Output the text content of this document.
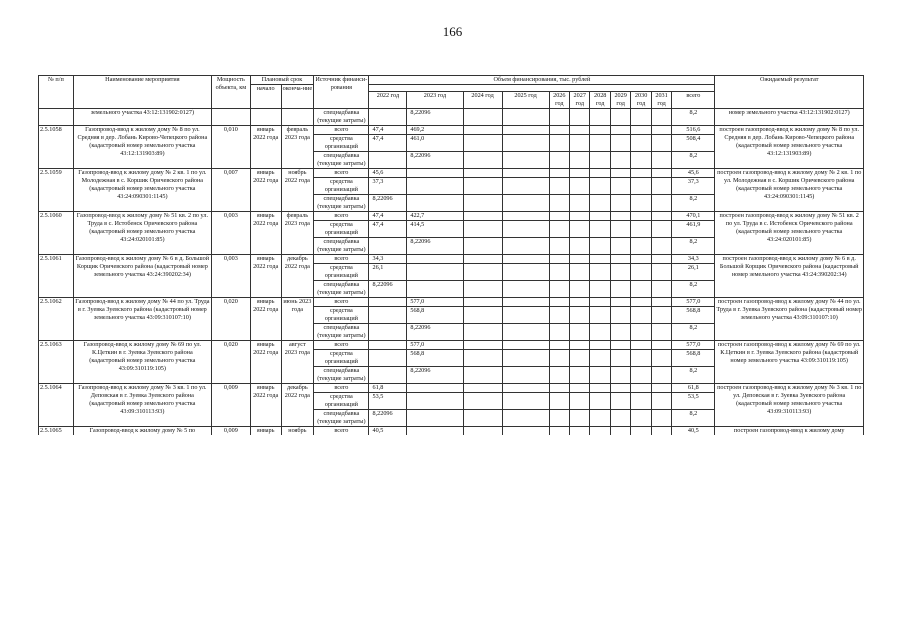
166
№ п/п	Наименование мероприятия	Мощность объекта, км	Плановый срок		Источник финанси-рования	Объем финансирования, тыс. рублей											Ожидаемый результат
			начало	оконча-ние													
						2022 год	2023 год	2024 год	2025 год	2026 год	2027 год	2028 год	2029 год	2030 год	2031 год	всего	
	земельного участка 43:12:131902:0127)				спецнадбавка (текущие затраты)		8,22096									8,2	номер земельного участка 43:12:131902:0127)
2.5.1058	Газопровод-ввод к жилому дому № 8 по ул. Средняя в дер. Лобань Кирово-Чепецкого района (кадастровый номер земельного участка 43:12:131903:89)	0,010	январь 2022 года	февраль 2023 года	всего	47,4	469,2									516,6	построен газопровод-ввод к жилому дому № 8 по ул. Средняя в дер. Лобань Кирово-Чепецкого района (кадастровый номер земельного участка 43:12:131903:89)
					средства организаций	47,4	461,0									508,4	
					спецнадбавка (текущие затраты)		8,22096									8,2	
2.5.1059	Газопровод-ввод к жилому дому № 2 кв. 1 по ул. Молодежная в с. Коршик Оричевского района (кадастровый номер земельного участка 43:24:090301:1145)	0,007	январь 2022 года	ноябрь 2022 года	всего	45,6										45,6	построен газопровод-ввод к жилому дому № 2 кв. 1 по ул. Молодежная в с. Коршик Оричевского района (кадастровый номер земельного участка 43:24:090301:1145)
					средства организаций	37,3										37,3	
					спецнадбавка (текущие затраты)	8,22096										8,2	
2.5.1060	Газопровод-ввод к жилому дому № 51 кв. 2 по ул. Труда в с. Истобенск Оричевского района (кадастровый номер земельного участка 43:24:020101:85)	0,003	январь 2022 года	февраль 2023 года	всего	47,4	422,7									470,1	построен газопровод-ввод к жилому дому № 51 кв. 2 по ул. Труда в с. Истобенск Оричевского района (кадастровый номер земельного участка 43:24:020101:85)
					средства организаций	47,4	414,5									461,9	
					спецнадбавка (текущие затраты)		8,22096									8,2	
2.5.1061	Газопровод-ввод к жилому дому № 6 в д. Большой Корщик Оричевского района (кадастровый номер земельного участка 43:24:390202:34)	0,003	январь 2022 года	декабрь 2022 года	всего	34,3										34,3	построен газопровод-ввод к жилому дому № 6 в д. Большой Корщик Оричевского района (кадастровый номер земельного участка 43:24:390202:34)
					средства организаций	26,1										26,1	
					спецнадбавка (текущие затраты)	8,22096										8,2	
2.5.1062	Газопровод-ввод к жилому дому № 44 по ул. Труда в г. Зуевка Зуевского района (кадастровый номер земельного участка 43:09:310107:10)	0,020	январь 2022 года	июнь 2023 года	всего		577,0									577,0	построен газопровод-ввод к жилому дому № 44 по ул. Труда в г. Зуевка Зуевского района (кадастровый номер земельного участка 43:09:310107:10)
					средства организаций		568,8									568,8	
					спецнадбавка (текущие затраты)		8,22096									8,2	
2.5.1063	Газопровод-ввод к жилому дому № 69 по ул. К.Цеткин в г. Зуевка Зуевского района (кадастровый номер земельного участка 43:09:310119:105)	0,020	январь 2022 года	август 2023 года	всего		577,0									577,0	построен газопровод-ввод к жилому дому № 69 по ул. К.Цеткин в г. Зуевка Зуевского района (кадастровый номер земельного участка 43:09:310119:105)
					средства организаций		568,8									568,8	
					спецнадбавка (текущие затраты)		8,22096									8,2	
2.5.1064	Газопровод-ввод к жилому дому № 3 кв. 1 по ул. Деповская в г. Зуевка Зуевского района (кадастровый номер земельного участка 43:09:310113:93)	0,009	январь 2022 года	декабрь 2022 года	всего	61,8										61,8	построен газопровод-ввод к жилому дому № 3 кв. 1 по ул. Деповская в г. Зуевка Зуевского района (кадастровый номер земельного участка 43:09:310113:93)
					средства организаций	53,5										53,5	
					спецнадбавка (текущие затраты)	8,22096										8,2	
2.5.1065	Газопровод-ввод к жилому дому № 5 по	0,009	январь	ноябрь	всего	40,5										40,5	построен газопровод-ввод к жилому дому
